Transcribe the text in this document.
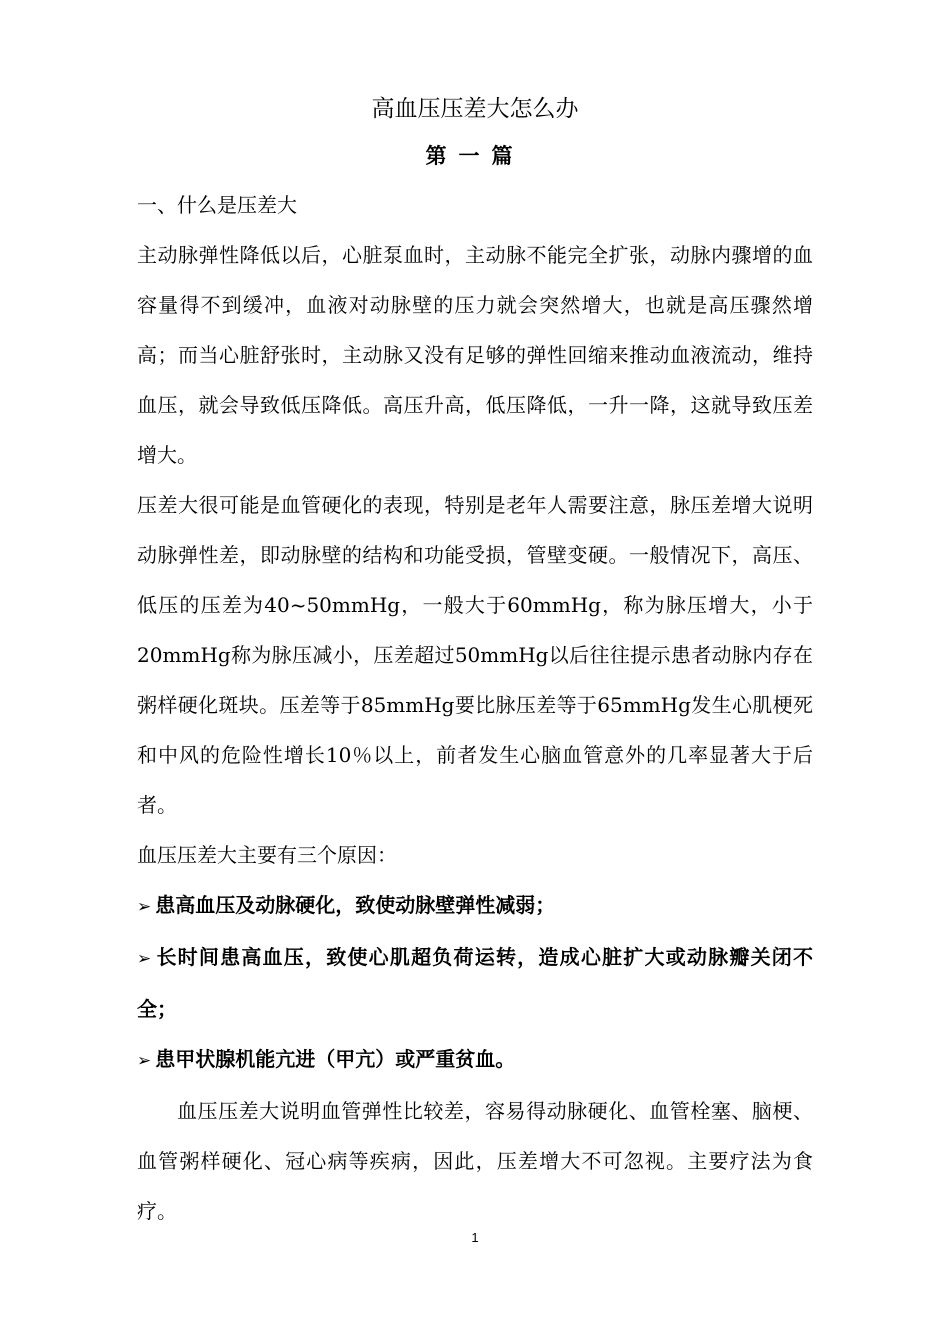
高血压压差大怎么办
第一篇

一、什么是压差大

主动脉弹性降低以后，心脏泵血时，主动脉不能完全扩张，动脉内骤增的血容量得不到缓冲，血液对动脉壁的压力就会突然增大，也就是高压骤然增高；而当心脏舒张时，主动脉又没有足够的弹性回缩来推动血液流动，维持血压，就会导致低压降低。高压升高，低压降低，一升一降，这就导致压差增大。

压差大很可能是血管硬化的表现，特别是老年人需要注意，脉压差增大说明动脉弹性差，即动脉壁的结构和功能受损，管壁变硬。一般情况下，高压、低压的压差为40~50mmHg，一般大于60mmHg，称为脉压增大，小于20mmHg称为脉压减小，压差超过50mmHg以后往往提示患者动脉内存在粥样硬化斑块。压差等于85mmHg要比脉压差等于65mmHg发生心肌梗死和中风的危险性增长10％以上，前者发生心脑血管意外的几率显著大于后者。

血压压差大主要有三个原因：

➢ 患高血压及动脉硬化，致使动脉壁弹性减弱；

➢ 长时间患高血压，致使心肌超负荷运转，造成心脏扩大或动脉瓣关闭不全；

➢ 患甲状腺机能亢进（甲亢）或严重贫血。

血压压差大说明血管弹性比较差，容易得动脉硬化、血管栓塞、脑梗、血管粥样硬化、冠心病等疾病，因此，压差增大不可忽视。主要疗法为食疗。

1
